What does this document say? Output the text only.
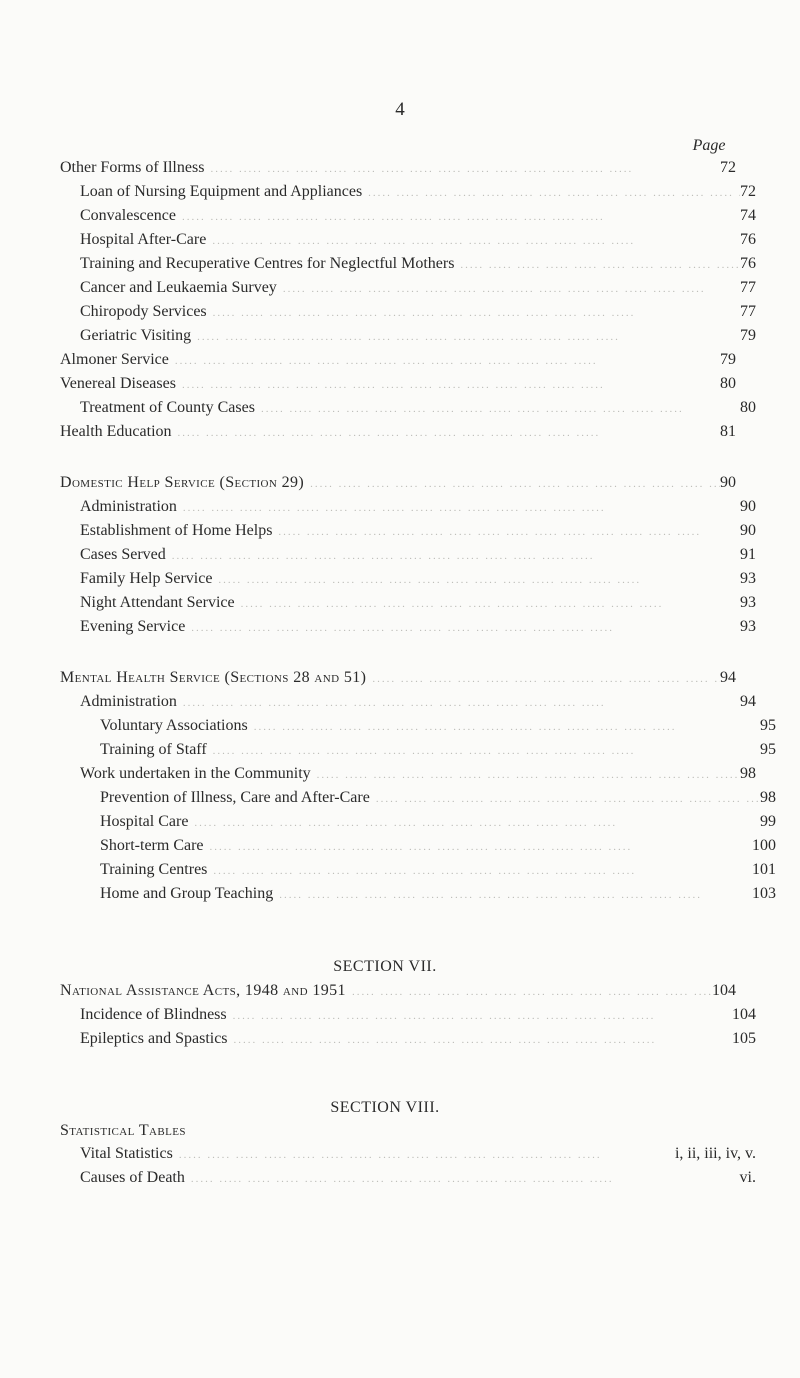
4
Page
Other Forms of Illness .....	72
Loan of Nursing Equipment and Appliances .....	72
Convalescence .....	74
Hospital After-Care .....	76
Training and Recuperative Centres for Neglectful Mothers .....	76
Cancer and Leukaemia Survey .....	77
Chiropody Services .....	77
Geriatric Visiting .....	79
Almoner Service .....	79
Venereal Diseases .....	80
Treatment of County Cases .....	80
Health Education .....	81
Domestic Help Service (Section 29) .....	90
Administration .....	90
Establishment of Home Helps .....	90
Cases Served .....	91
Family Help Service .....	93
Night Attendant Service .....	93
Evening Service .....	93
Mental Health Service (Sections 28 and 51) .....	94
Administration .....	94
Voluntary Associations .....	95
Training of Staff .....	95
Work undertaken in the Community .....	98
Prevention of Illness, Care and After-Care .....	98
Hospital Care .....	99
Short-term Care .....	100
Training Centres .....	101
Home and Group Teaching .....	103
SECTION VII.
National Assistance Acts, 1948 and 1951 .....	104
Incidence of Blindness .....	104
Epileptics and Spastics .....	105
SECTION VIII.
Statistical Tables
Vital Statistics .....	i, ii, iii, iv, v.
Causes of Death .....	vi.
